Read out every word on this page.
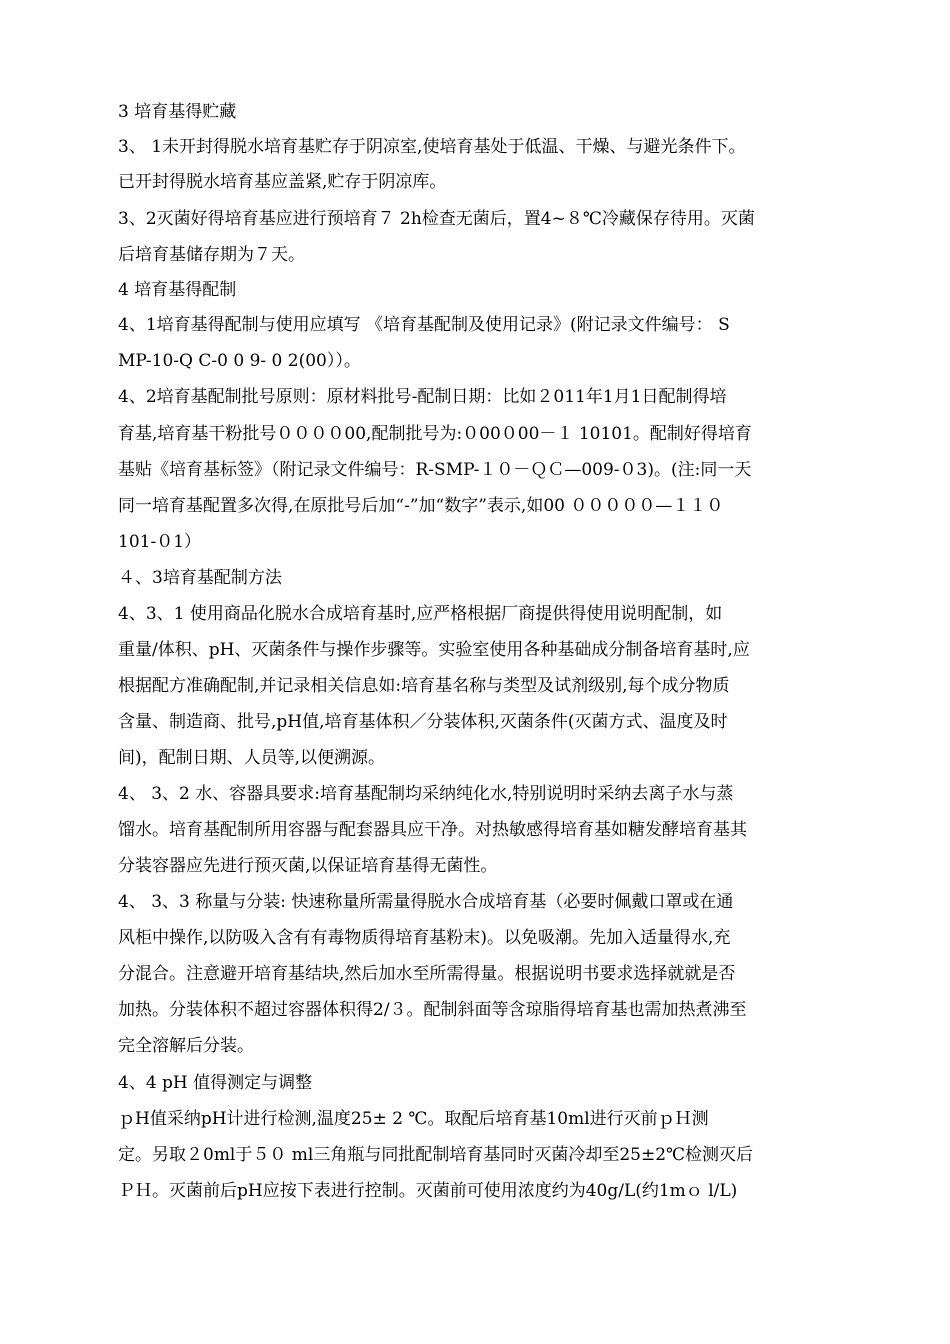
3 培育基得贮藏
3、 1未开封得脱水培育基贮存于阴凉室,使培育基处于低温、干燥、与避光条件下。
已开封得脱水培育基应盖紧,贮存于阴凉库。
3、2灭菌好得培育基应进行预培育７ 2h检查无菌后，置4~８℃冷藏保存待用。灭菌
后培育基储存期为７天。
4 培育基得配制
4、1培育基得配制与使用应填写 《培育基配制及使用记录》(附记录文件编号： S
MP-10-Q C-0 0 9- 0 2(00））。
4、2培育基配制批号原则：原材料批号-配制日期：比如２011年1月1日配制得培
育基,培育基干粉批号００００00,配制批号为:０00０00－１ 10101。配制好得培育
基贴《培育基标签》（附记录文件编号：R-SMP-１０－ＱＣ—009-０3)。(注:同一天
同一培育基配置多次得,在原批号后加“-”加“数字”表示,如00 ０００００—１１０
101-０1）
４、3培育基配制方法
4、3、1 使用商品化脱水合成培育基时,应严格根据厂商提供得使用说明配制，如
重量/体积、pH、灭菌条件与操作步骤等。实验室使用各种基础成分制备培育基时,应
根据配方准确配制,并记录相关信息如:培育基名称与类型及试剂级别,每个成分物质
含量、制造商、批号,pH值,培育基体积／分装体积,灭菌条件(灭菌方式、温度及时
间)，配制日期、人员等,以便溯源。
4、 3、2 水、容器具要求:培育基配制均采纳纯化水,特别说明时采纳去离子水与蒸
馏水。培育基配制所用容器与配套器具应干净。对热敏感得培育基如糖发酵培育基其
分装容器应先进行预灭菌,以保证培育基得无菌性。
4、 3、3 称量与分装: 快速称量所需量得脱水合成培育基（必要时佩戴口罩或在通
风柜中操作,以防吸入含有有毒物质得培育基粉末)。以免吸潮。先加入适量得水,充
分混合。注意避开培育基结块,然后加水至所需得量。根据说明书要求选择就就是否
加热。分装体积不超过容器体积得2/３。配制斜面等含琼脂得培育基也需加热煮沸至
完全溶解后分装。
4、4 pH 值得测定与调整
ｐH值采纳pH计进行检测,温度25± 2 ℃。取配后培育基10ml进行灭前ｐＨ测
定。另取２0ml于５０ ml三角瓶与同批配制培育基同时灭菌冷却至25±2℃检测灭后
ＰＨ。灭菌前后pH应按下表进行控制。灭菌前可使用浓度约为40g/L(约1mｏ l/L)
